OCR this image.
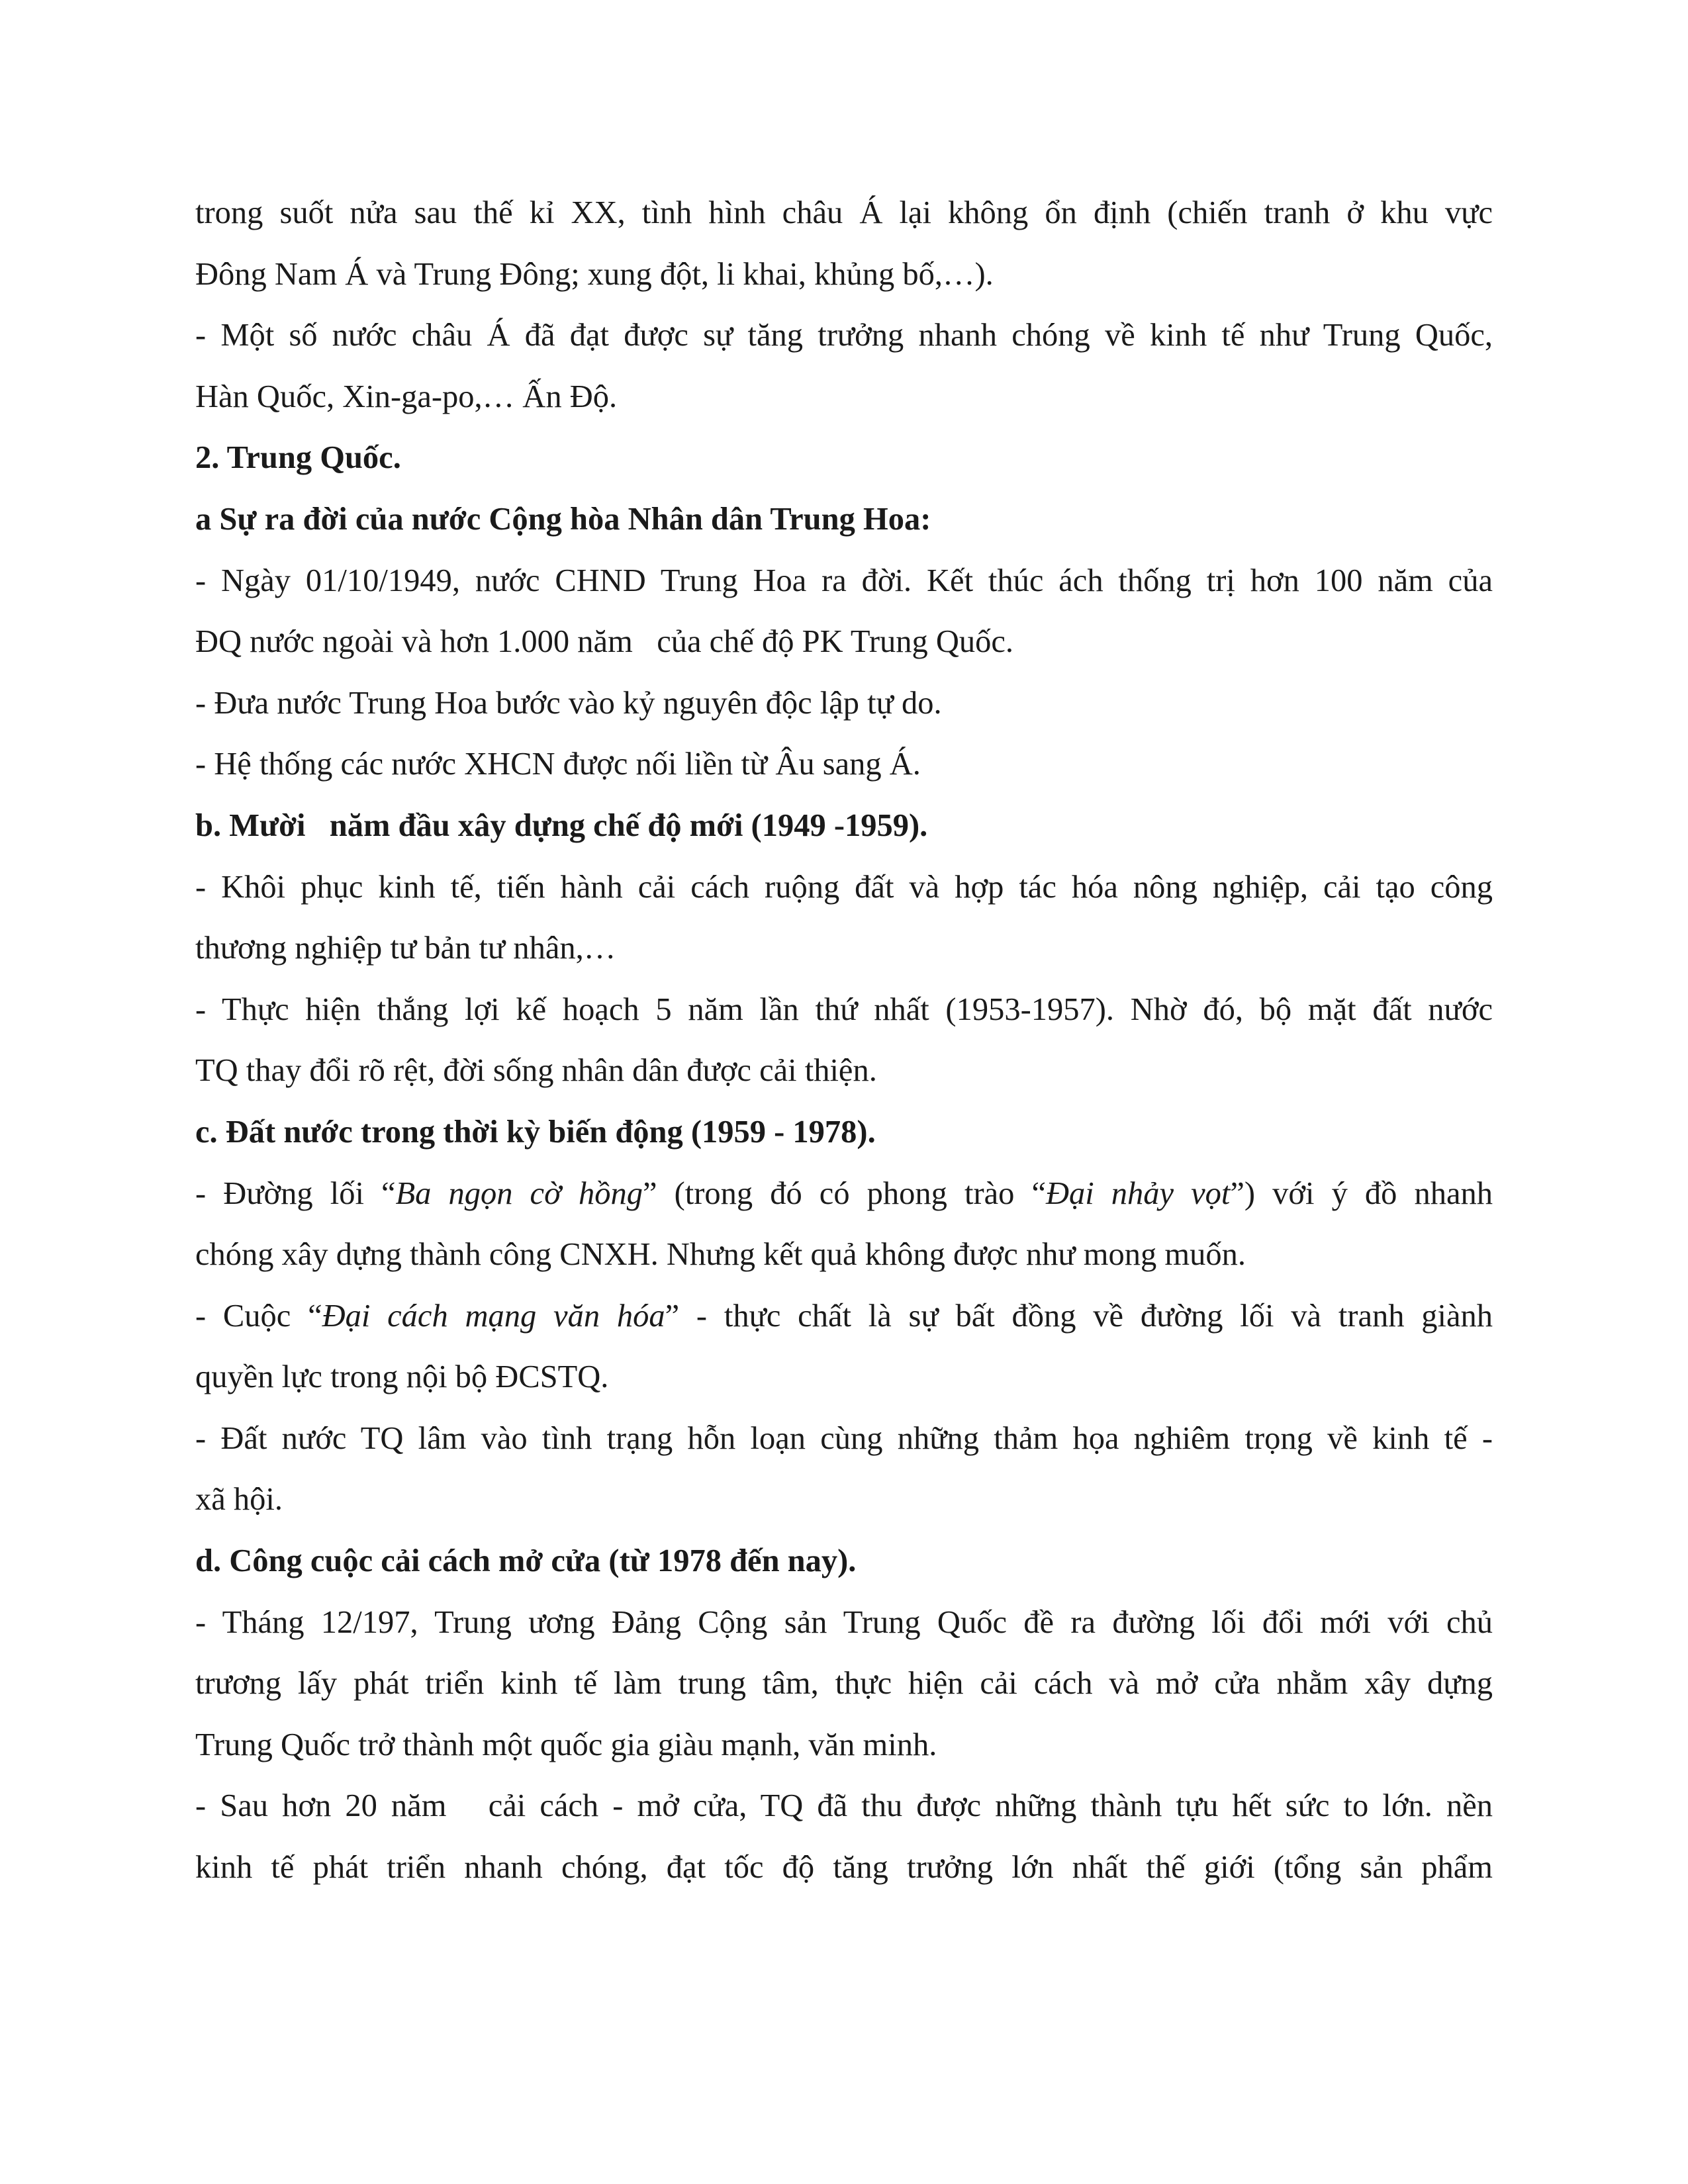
trong suốt nửa sau thế kỉ XX, tình hình châu Á lại không ổn định (chiến tranh ở khu vực

Đông Nam Á và Trung Đông; xung đột, li khai, khủng bố,…).

- Một số nước châu Á đã đạt được sự tăng trưởng nhanh chóng về kinh tế như Trung Quốc,

Hàn Quốc, Xin-ga-po,… Ấn Độ.

2. Trung Quốc.

a Sự ra đời của nước Cộng hòa Nhân dân Trung Hoa:

- Ngày 01/10/1949, nước CHND Trung Hoa ra đời. Kết thúc ách thống trị hơn 100 năm của

ĐQ nước ngoài và hơn 1.000 năm   của chế độ PK Trung Quốc.

- Đưa nước Trung Hoa bước vào kỷ nguyên độc lập tự do.

- Hệ thống các nước XHCN được nối liền từ Âu sang Á.

b. Mười   năm đầu xây dựng chế độ mới (1949 -1959).

- Khôi phục kinh tế, tiến hành cải cách ruộng đất và hợp tác hóa nông nghiệp, cải tạo công

thương nghiệp tư bản tư nhân,…

- Thực hiện thắng lợi kế hoạch 5 năm lần thứ nhất (1953-1957). Nhờ đó, bộ mặt đất nước

TQ thay đổi rõ rệt, đời sống nhân dân được cải thiện.

c. Đất nước trong thời kỳ biến động (1959 - 1978).

- Đường lối “Ba ngọn cờ hồng” (trong đó có phong trào “Đại nhảy vọt”) với ý đồ nhanh

chóng xây dựng thành công CNXH. Nhưng kết quả không được như mong muốn.

- Cuộc “Đại cách mạng văn hóa” - thực chất là sự bất đồng về đường lối và tranh giành

quyền lực trong nội bộ ĐCSTQ.

- Đất nước TQ lâm vào tình trạng hỗn loạn cùng những thảm họa nghiêm trọng về kinh tế -

xã hội.

d. Công cuộc cải cách mở cửa (từ 1978 đến nay).

- Tháng 12/197, Trung ương Đảng Cộng sản Trung Quốc đề ra đường lối đổi mới với chủ

trương lấy phát triển kinh tế làm trung tâm, thực hiện cải cách và mở cửa nhằm xây dựng

Trung Quốc trở thành một quốc gia giàu mạnh, văn minh.

- Sau hơn 20 năm   cải cách - mở cửa, TQ đã thu được những thành tựu hết sức to lớn. nền

kinh tế phát triển nhanh chóng, đạt tốc độ tăng trưởng lớn nhất thế giới (tổng sản phẩm
